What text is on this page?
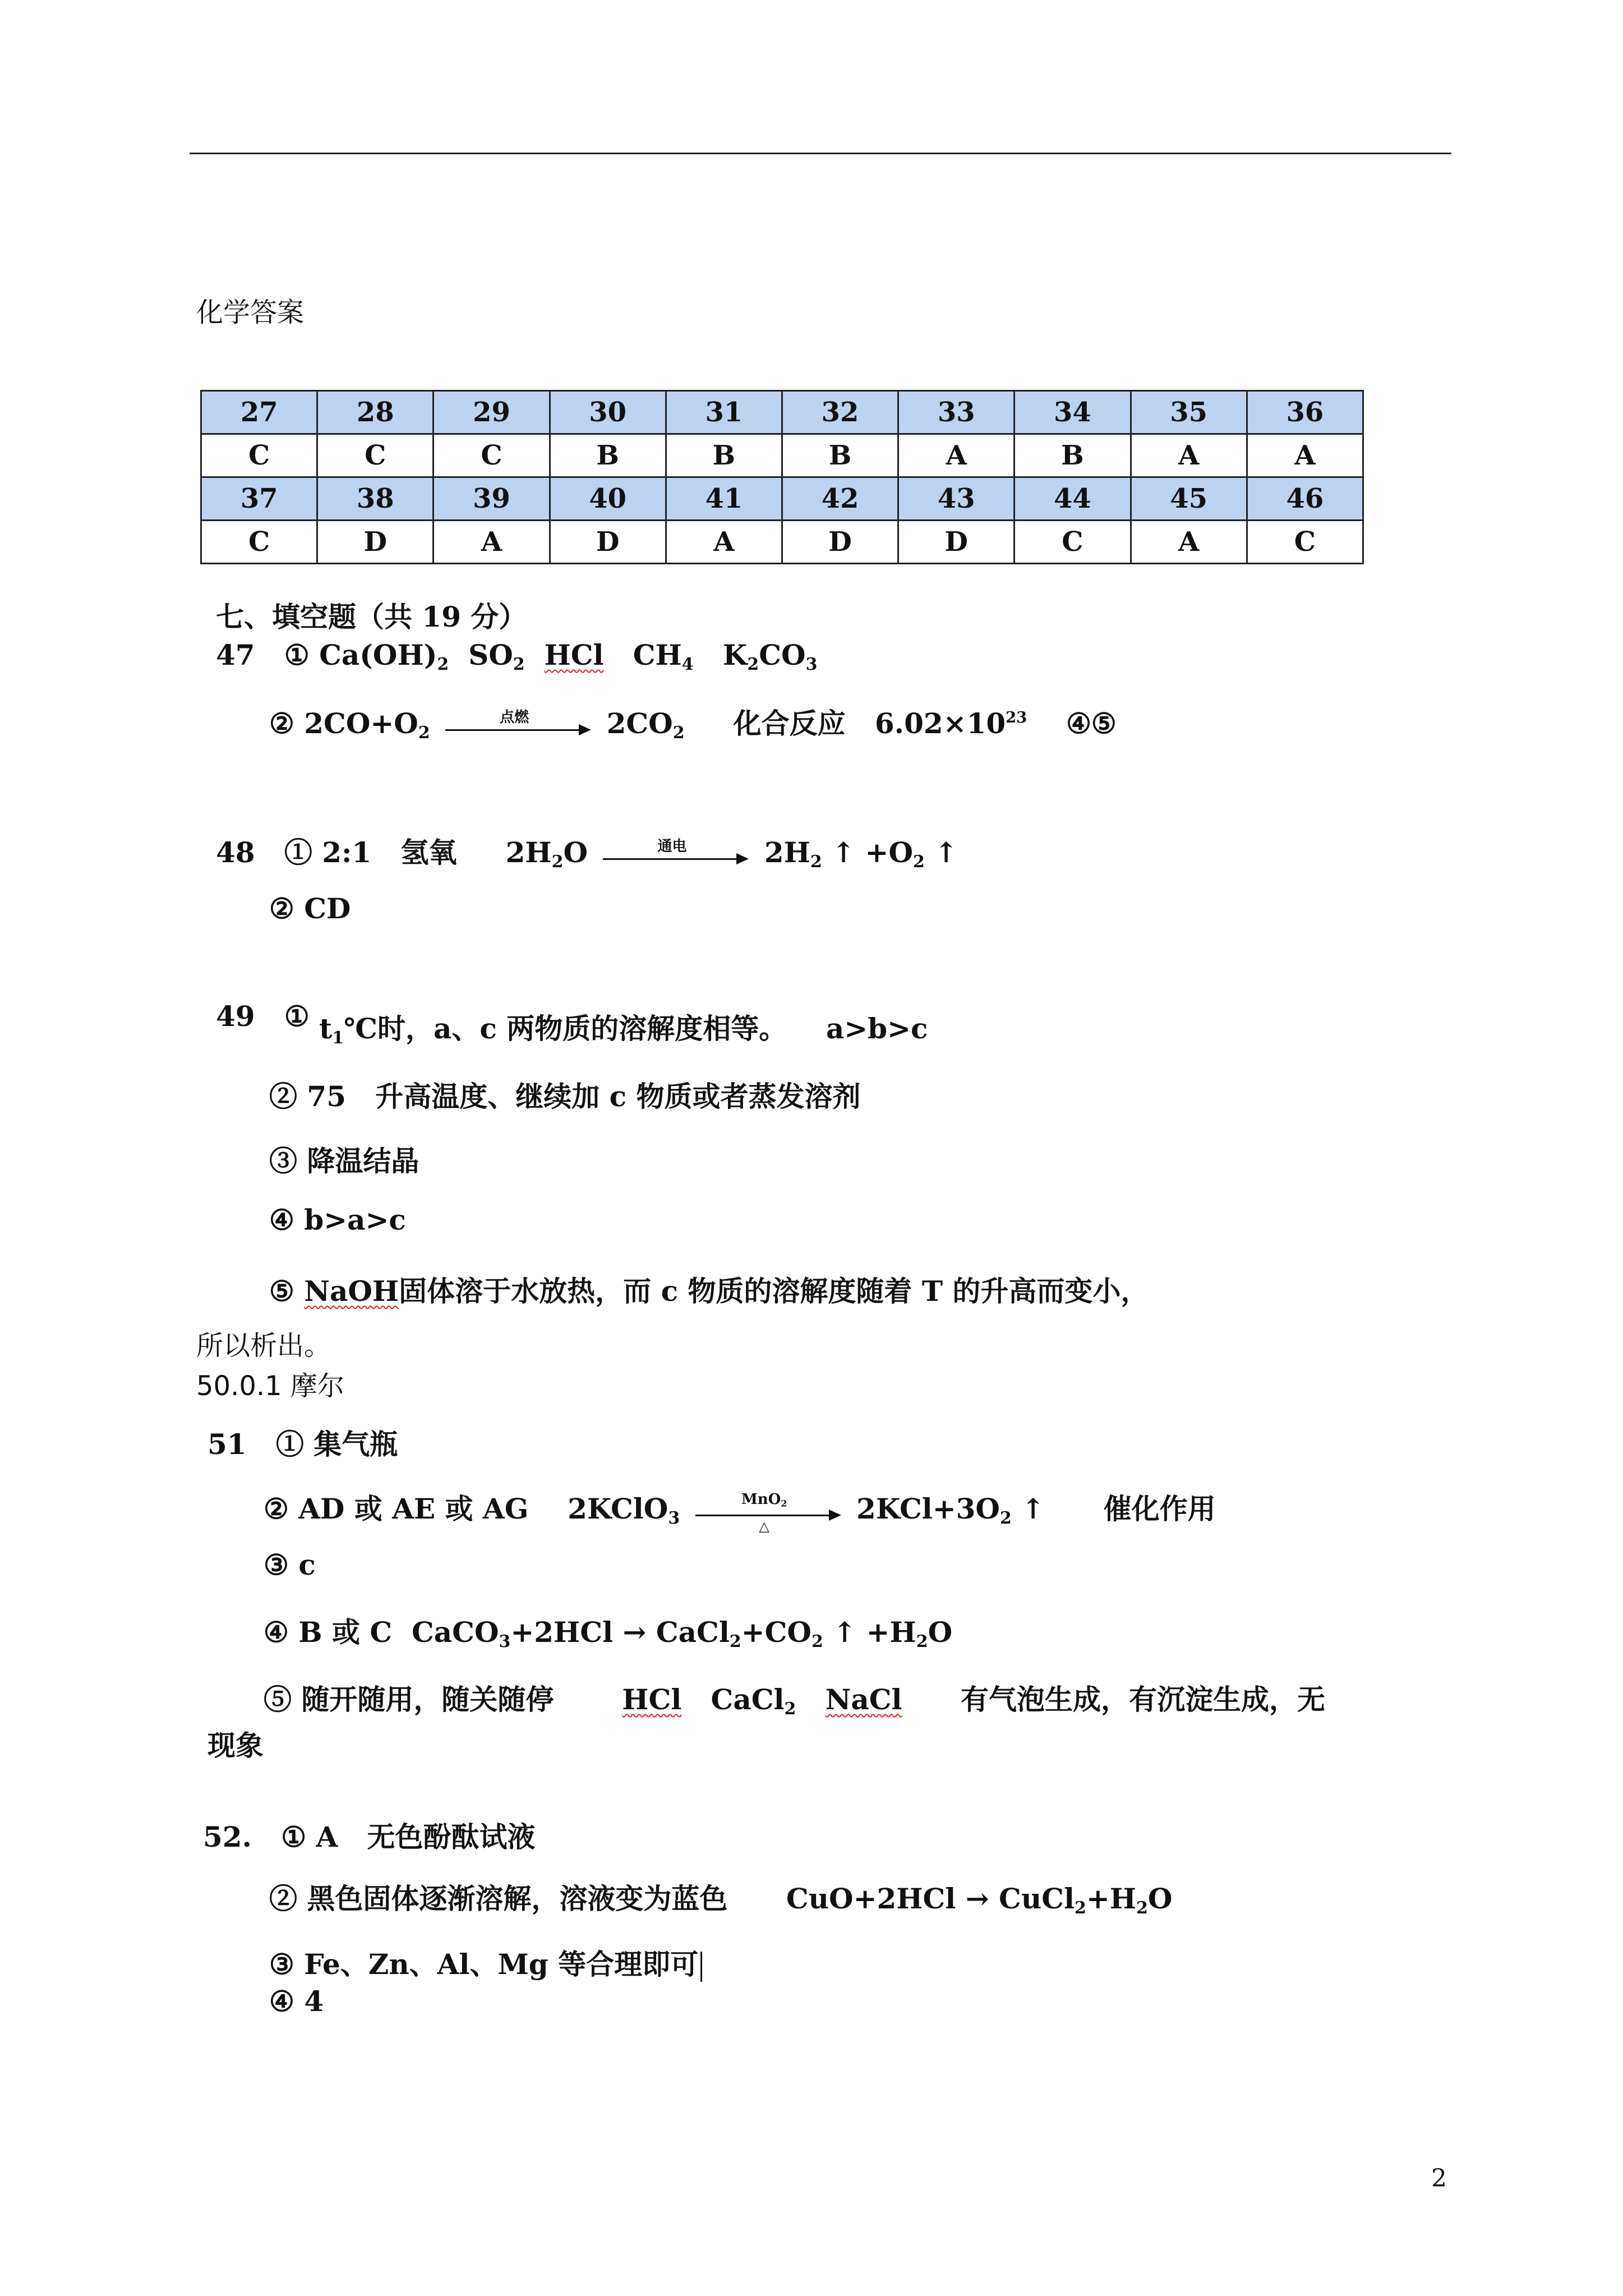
化学答案
27	28	29	30	31	32	33	34	35	36
C	C	C	B	B	B	A	B	A	A
37	38	39	40	41	42	43	44	45	46
C	D	A	D	A	D	D	C	A	C
七、填空题（共 19 分）
47 ① $Ca(OH)_2$ $SO_2$ HCl $CH_4$ $K_2CO_3$
② $2CO+O_2$
点燃	$2CO_2$ 化合反应 $6.02\times 10^{23}$ ④⑤
48 ① 2:1 氢氧 $2H_2O$	通电	$2H_2$ ↑ $+O_2$ ↑
② CD
49 ① $t_1℃$时，a、c 两物质的溶解度相等。 a>b>c
② 75 升高温度、继续加 c 物质或者蒸发溶剂
③ 降温结晶
④ b>a>c
⑤ NaOH固体溶于水放热，而 c 物质的溶解度随着 T 的升高而变小，
所以析出。
50.0.1 摩尔
51 ① 集气瓶
② AD 或 AE 或 AG 2KClO$_3$
MnO$_2$
△
$2KCl+3O_2$ ↑ 催化作用
③ c
④ B 或 C CaCO$_3$+2HCl → $CaCl_2+CO_2$ ↑ $+H_2O$
⑤ 随开随用，随关随停 HCl CaCl$_2$ NaCl 有气泡生成，有沉淀生成，无
现象
52. ① A 无色酚酞试液
② 黑色固体逐渐溶解，溶液变为蓝色 $CuO+2HCl \to CuCl_2+H_2O$
③ Fe、Zn、Al、Mg 等合理即可
④ 4
2
